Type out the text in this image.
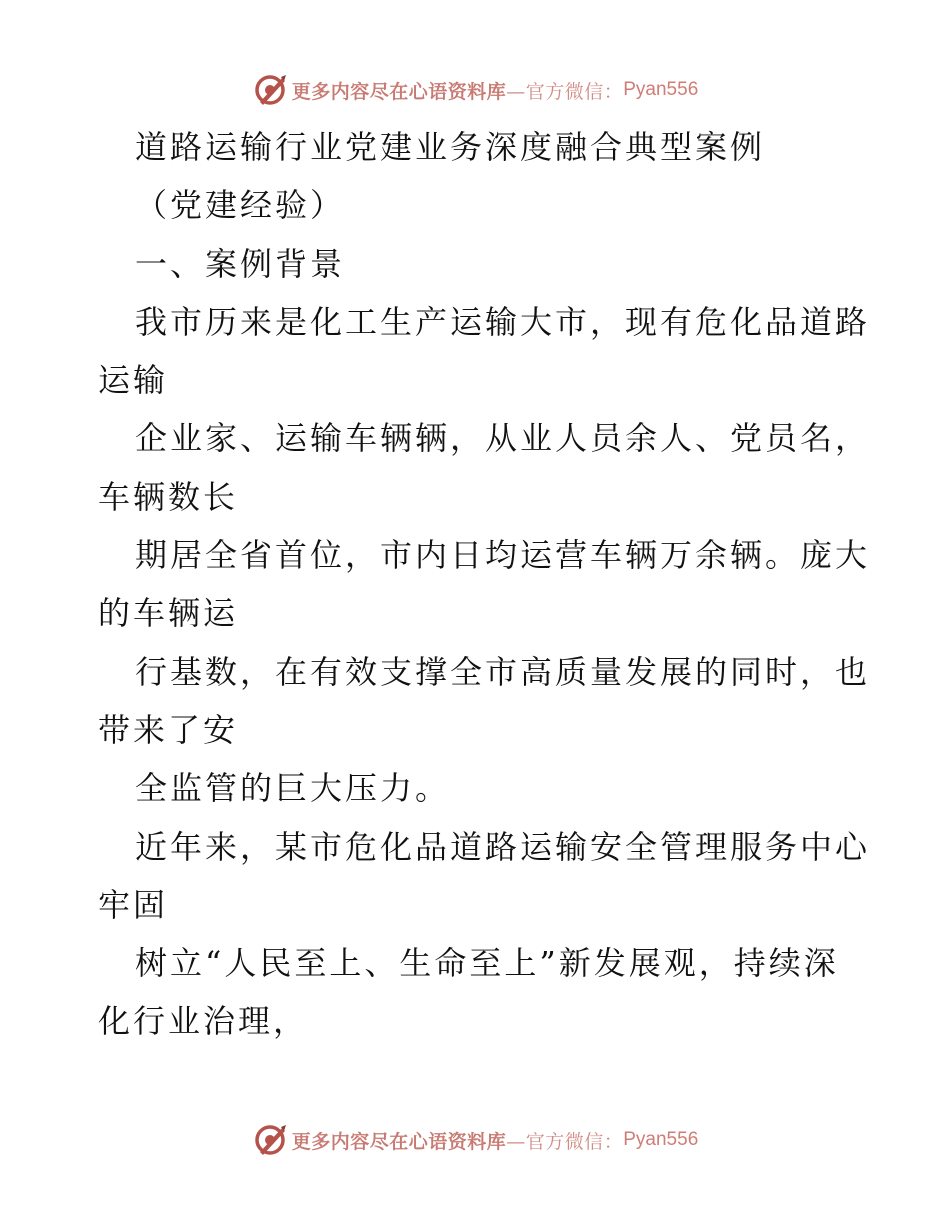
更多内容尽在心语资料库 —官方微信： Pyan556
道路运输行业党建业务深度融合典型案例
（党建经验）
一、案例背景
我市历来是化工生产运输大市，现有危化品道路
运输
企业家、运输车辆辆，从业人员余人、党员名，
车辆数长
期居全省首位，市内日均运营车辆万余辆。庞大
的车辆运
行基数，在有效支撑全市高质量发展的同时，也
带来了安
全监管的巨大压力。
近年来，某市危化品道路运输安全管理服务中心
牢固
树立“人民至上、生命至上”新发展观，持续深
化行业治理，
更多内容尽在心语资料库 —官方微信： Pyan556
